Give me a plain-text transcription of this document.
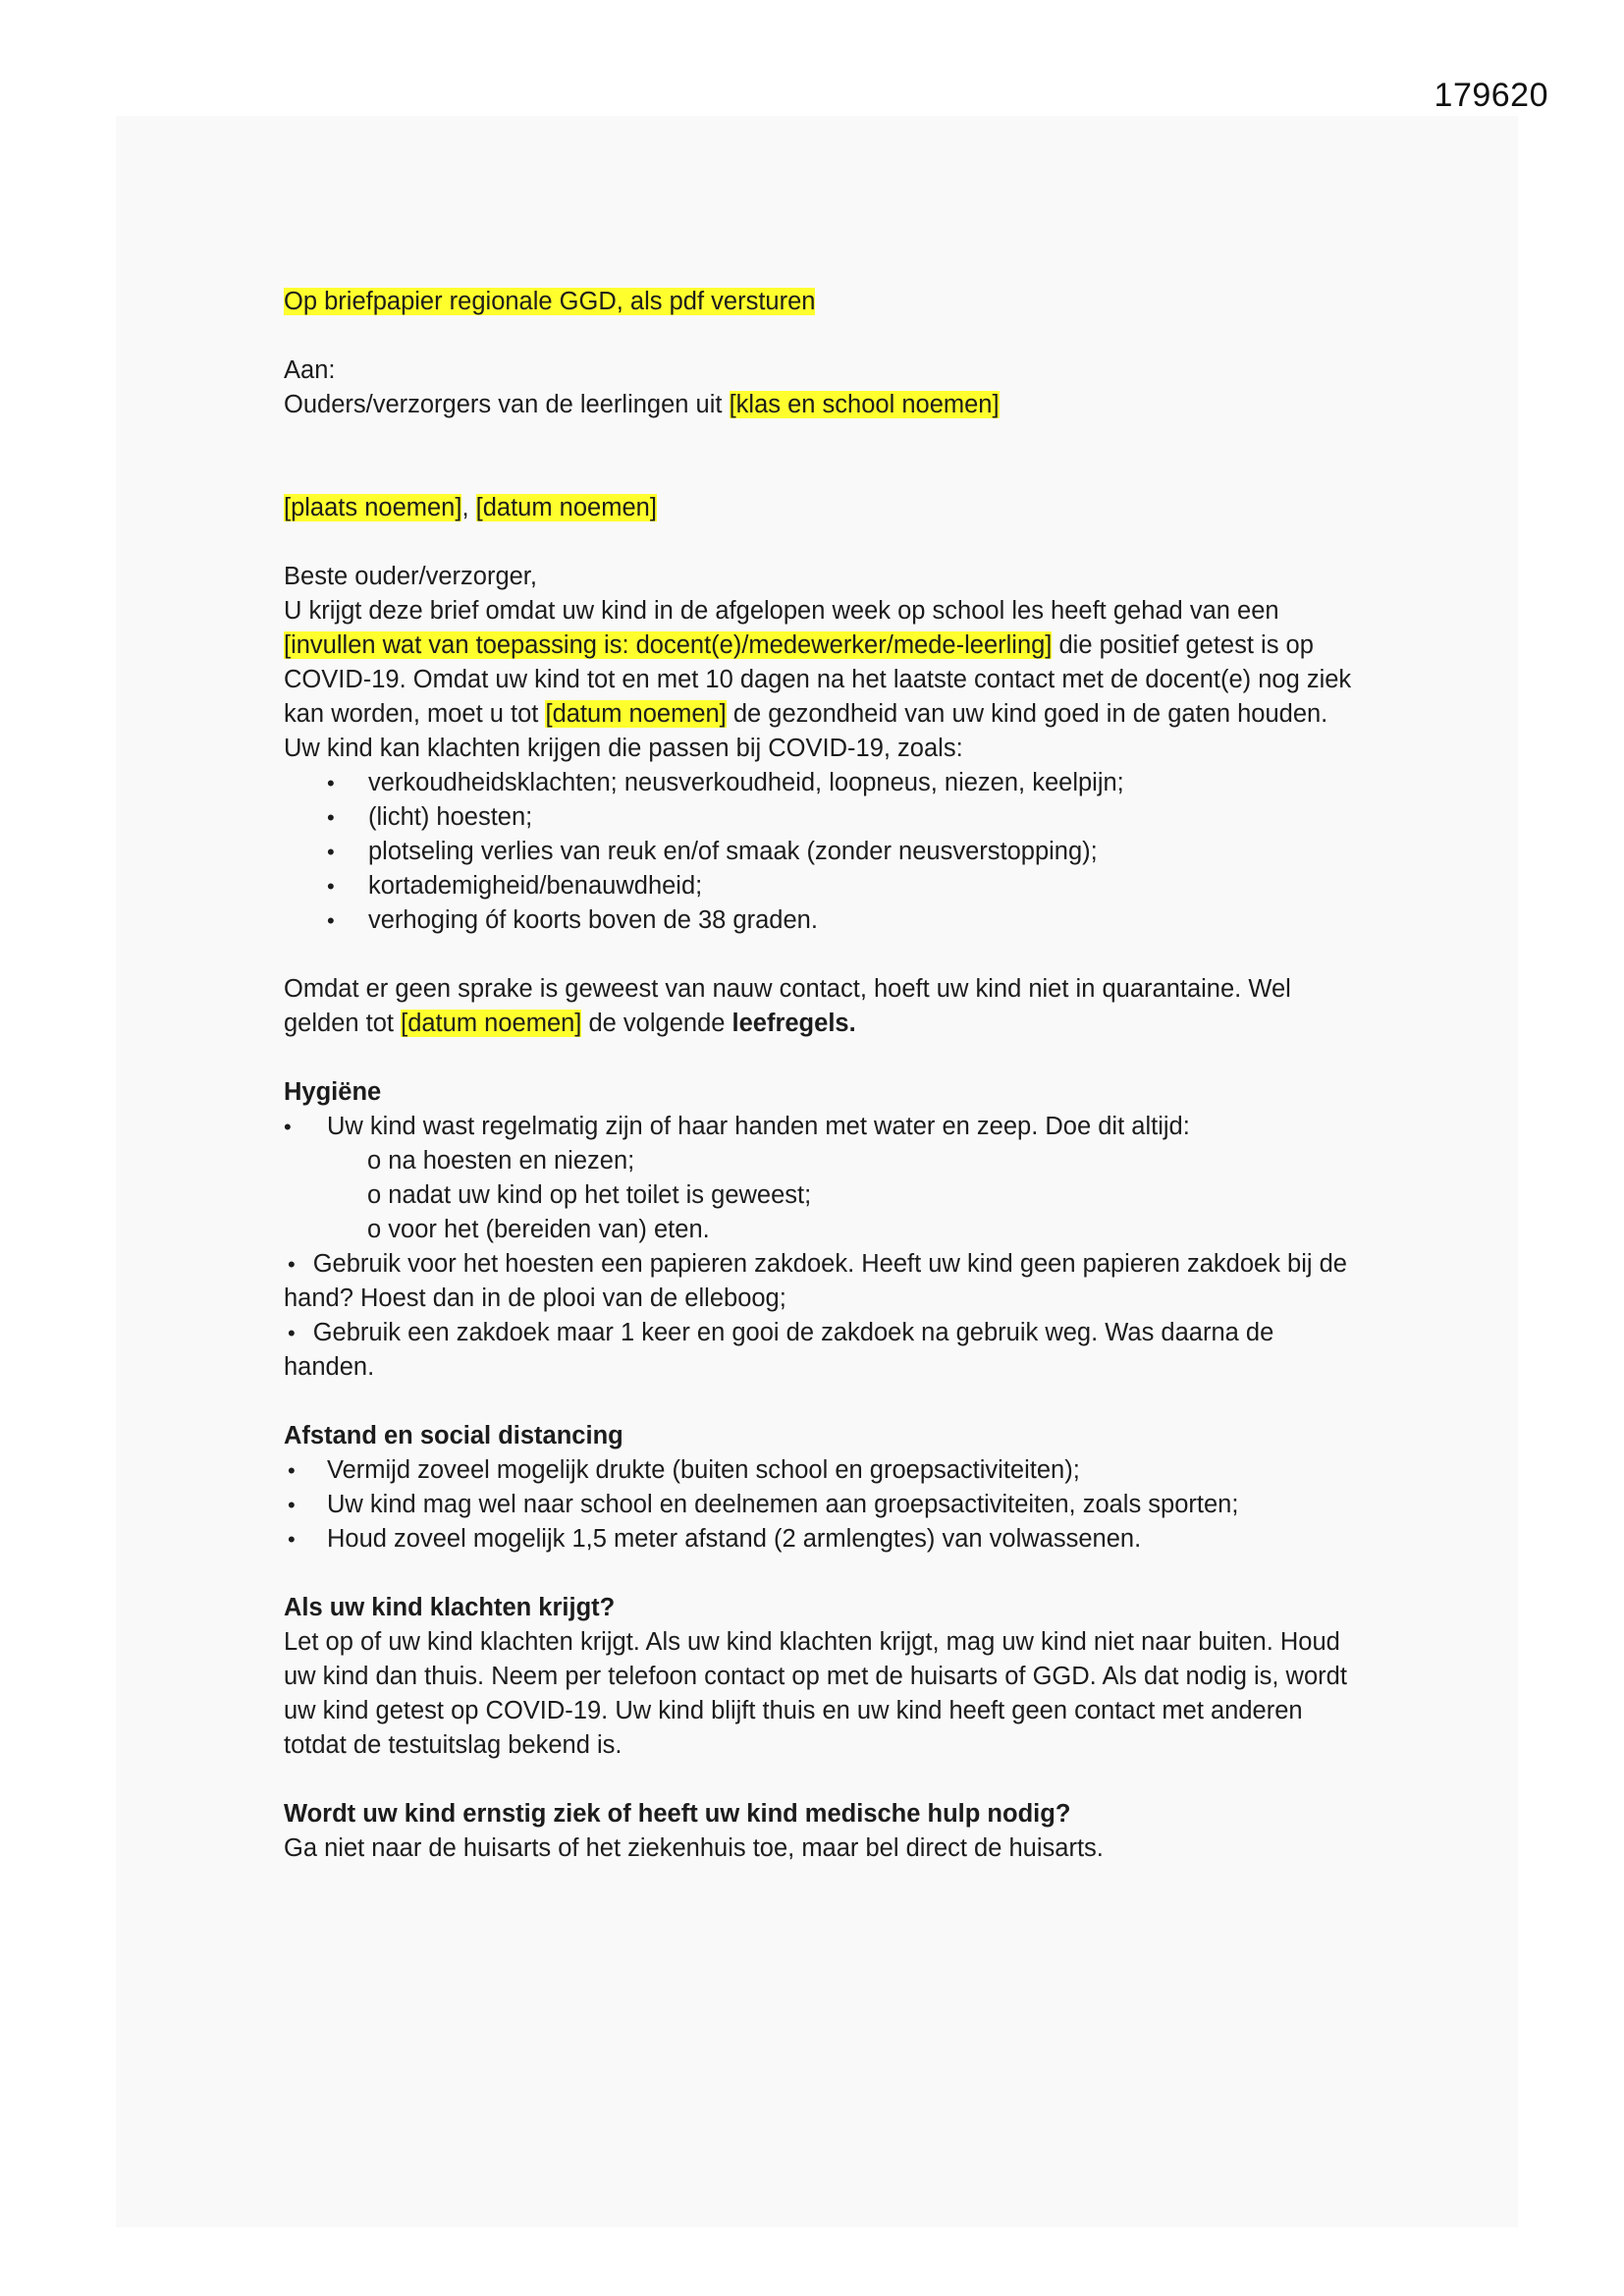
179620

Op briefpapier regionale GGD, als pdf versturen

Aan:

Ouders/verzorgers van de leerlingen uit [klas en school noemen]

[plaats noemen], [datum noemen]

Beste ouder/verzorger,

U krijgt deze brief omdat uw kind in de afgelopen week op school les heeft gehad van een [invullen wat van toepassing is: docent(e)/medewerker/mede-leerling] die positief getest is op COVID-19. Omdat uw kind tot en met 10 dagen na het laatste contact met de docent(e) nog ziek kan worden, moet u tot [datum noemen] de gezondheid van uw kind goed in de gaten houden. Uw kind kan klachten krijgen die passen bij COVID-19, zoals:

• verkoudheidsklachten; neusverkoudheid, loopneus, niezen, keelpijn;
• (licht) hoesten;
• plotseling verlies van reuk en/of smaak (zonder neusverstopping);
• kortademigheid/benauwdheid;
• verhoging óf koorts boven de 38 graden.

Omdat er geen sprake is geweest van nauw contact, hoeft uw kind niet in quarantaine. Wel gelden tot [datum noemen] de volgende leefregels.

Hygiëne

• Uw kind wast regelmatig zijn of haar handen met water en zeep. Doe dit altijd:
o na hoesten en niezen;
o nadat uw kind op het toilet is geweest;
o voor het (bereiden van) eten.

• Gebruik voor het hoesten een papieren zakdoek. Heeft uw kind geen papieren zakdoek bij de hand? Hoest dan in de plooi van de elleboog;

• Gebruik een zakdoek maar 1 keer en gooi de zakdoek na gebruik weg. Was daarna de handen.

Afstand en social distancing

• Vermijd zoveel mogelijk drukte (buiten school en groepsactiviteiten);
• Uw kind mag wel naar school en deelnemen aan groepsactiviteiten, zoals sporten;
• Houd zoveel mogelijk 1,5 meter afstand (2 armlengtes) van volwassenen.

Als uw kind klachten krijgt?

Let op of uw kind klachten krijgt. Als uw kind klachten krijgt, mag uw kind niet naar buiten. Houd uw kind dan thuis. Neem per telefoon contact op met de huisarts of GGD. Als dat nodig is, wordt uw kind getest op COVID-19. Uw kind blijft thuis en uw kind heeft geen contact met anderen totdat de testuitslag bekend is.

Wordt uw kind ernstig ziek of heeft uw kind medische hulp nodig?

Ga niet naar de huisarts of het ziekenhuis toe, maar bel direct de huisarts.
